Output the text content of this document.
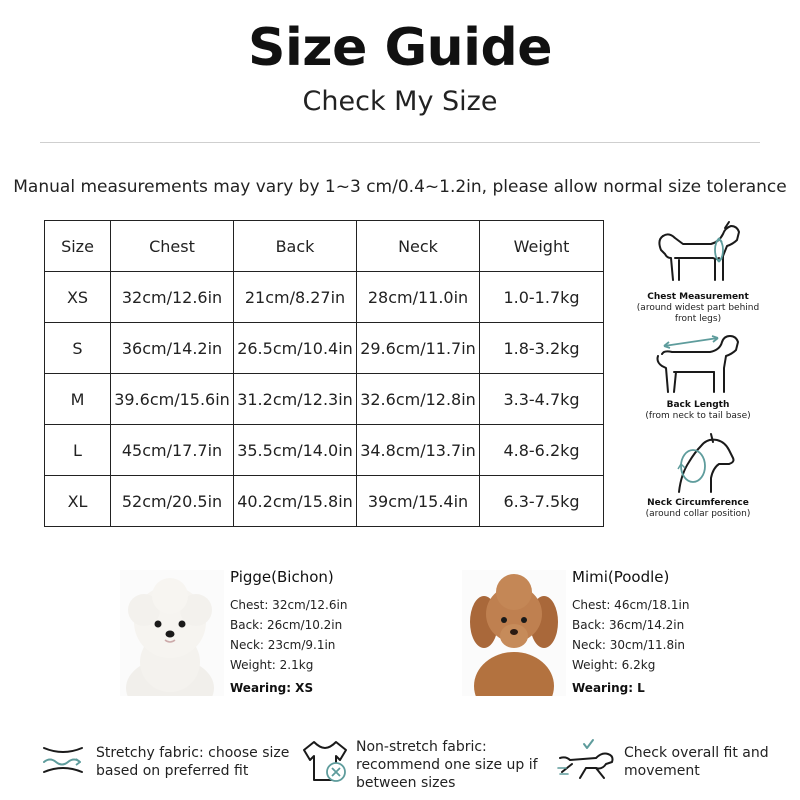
Size Guide
Check My Size
Manual measurements may vary by 1~3 cm/0.4~1.2in, please allow normal size tolerance
Size	Chest	Back	Neck	Weight
XS	32cm/12.6in	21cm/8.27in	28cm/11.0in	1.0-1.7kg
S	36cm/14.2in	26.5cm/10.4in	29.6cm/11.7in	1.8-3.2kg
M	39.6cm/15.6in	31.2cm/12.3in	32.6cm/12.8in	3.3-4.7kg
L	45cm/17.7in	35.5cm/14.0in	34.8cm/13.7in	4.8-6.2kg
XL	52cm/20.5in	40.2cm/15.8in	39cm/15.4in	6.3-7.5kg
Chest Measurement
(around widest part behind
front legs)
Back Length
(from neck to tail base)
Neck Circumference
(around collar position)
Pigge(Bichon)
Chest: 32cm/12.6in
Back: 26cm/10.2in
Neck: 23cm/9.1in
Weight: 2.1kg
Wearing: XS
Mimi(Poodle)
Chest: 46cm/18.1in
Back: 36cm/14.2in
Neck: 30cm/11.8in
Weight: 6.2kg
Wearing: L
Stretchy fabric: choose size
based on preferred fit
Non-stretch fabric:
recommend one size up if
between sizes
Check overall fit and
movement
